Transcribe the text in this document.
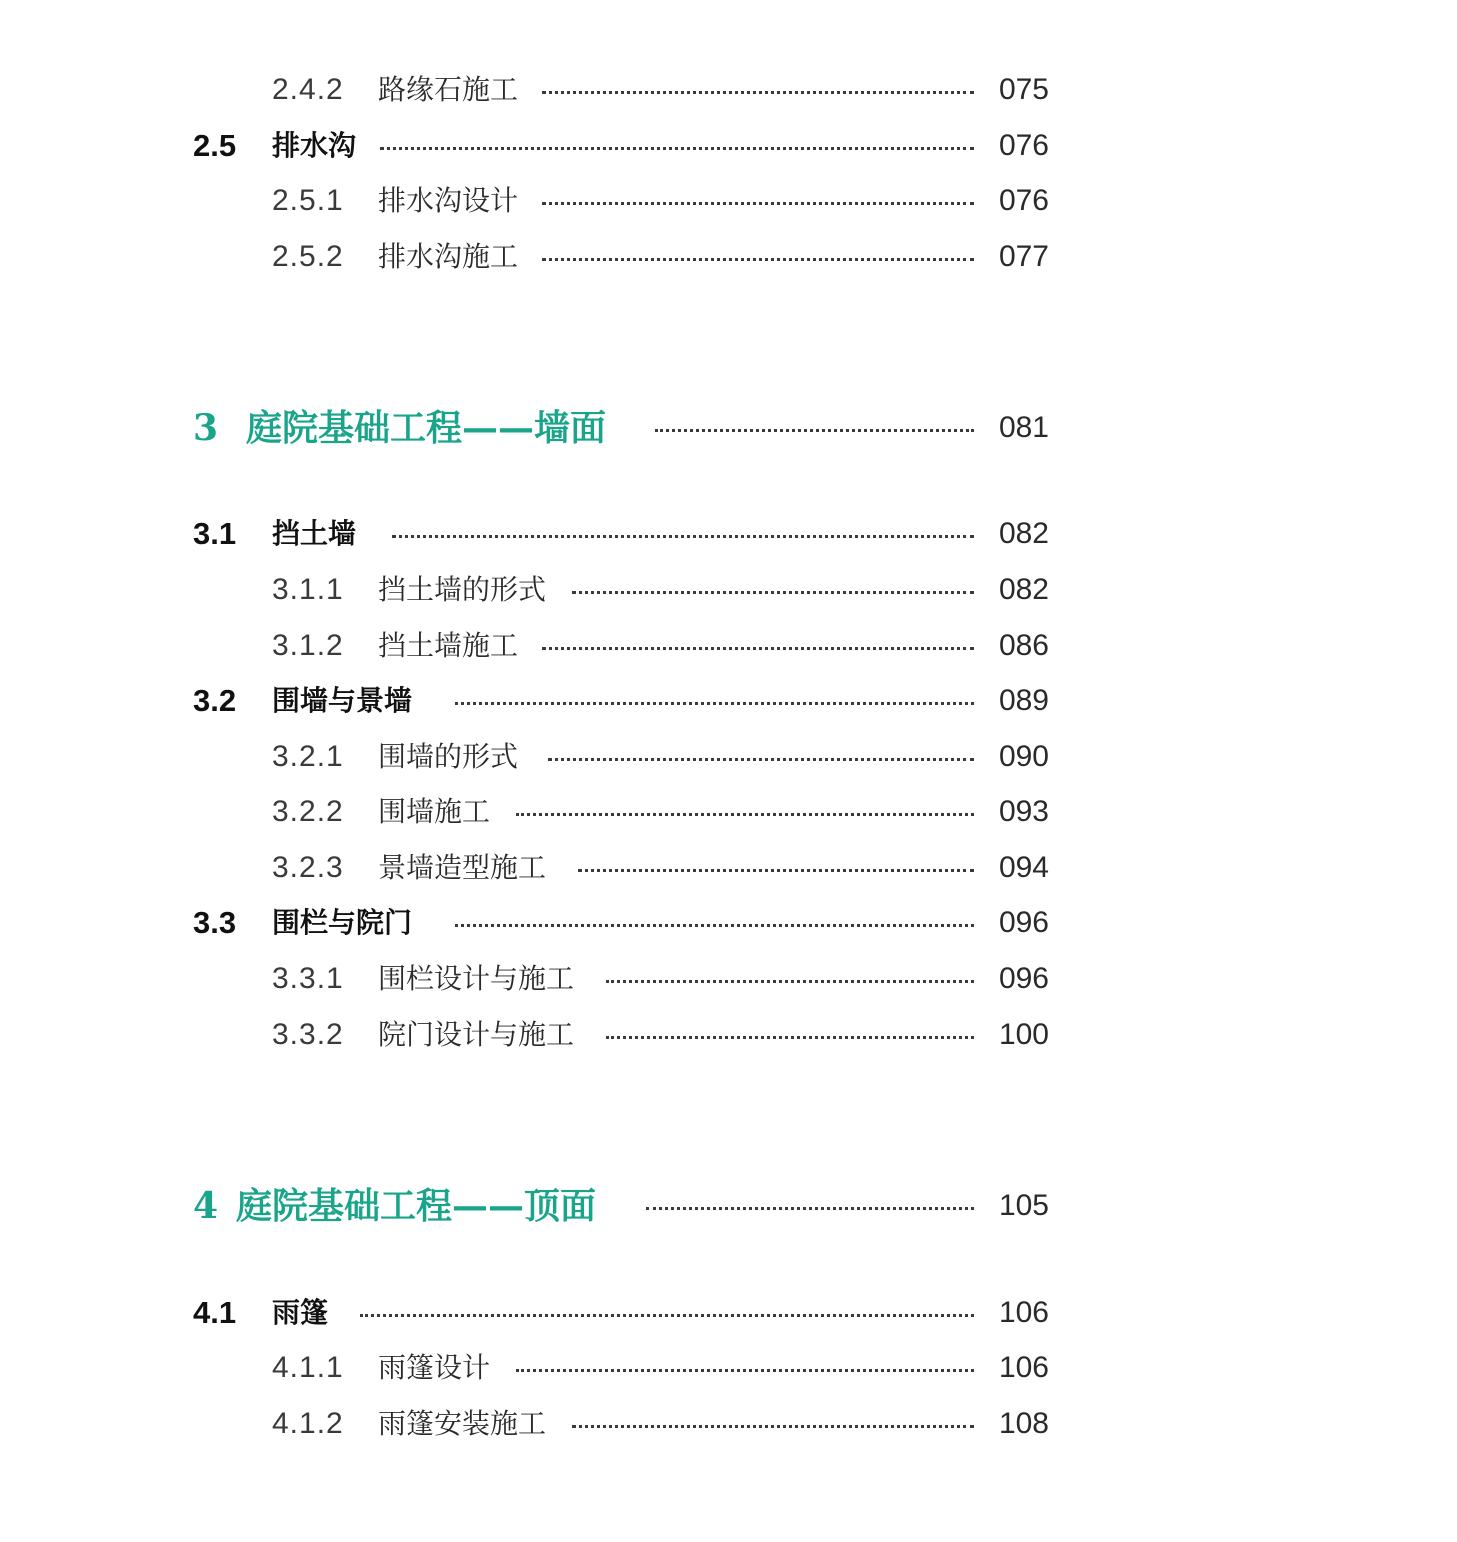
2.4.2 路缘石施工	075
2.5 排水沟	076
2.5.1 排水沟设计	076
2.5.2 排水沟施工	077
3 庭院基础工程——墙面	081
3.1 挡土墙	082
3.1.1 挡土墙的形式	082
3.1.2 挡土墙施工	086
3.2 围墙与景墙	089
3.2.1 围墙的形式	090
3.2.2 围墙施工	093
3.2.3 景墙造型施工	094
3.3 围栏与院门	096
3.3.1 围栏设计与施工	096
3.3.2 院门设计与施工	100
4 庭院基础工程——顶面	105
4.1 雨篷	106
4.1.1 雨篷设计	106
4.1.2 雨篷安装施工	108
